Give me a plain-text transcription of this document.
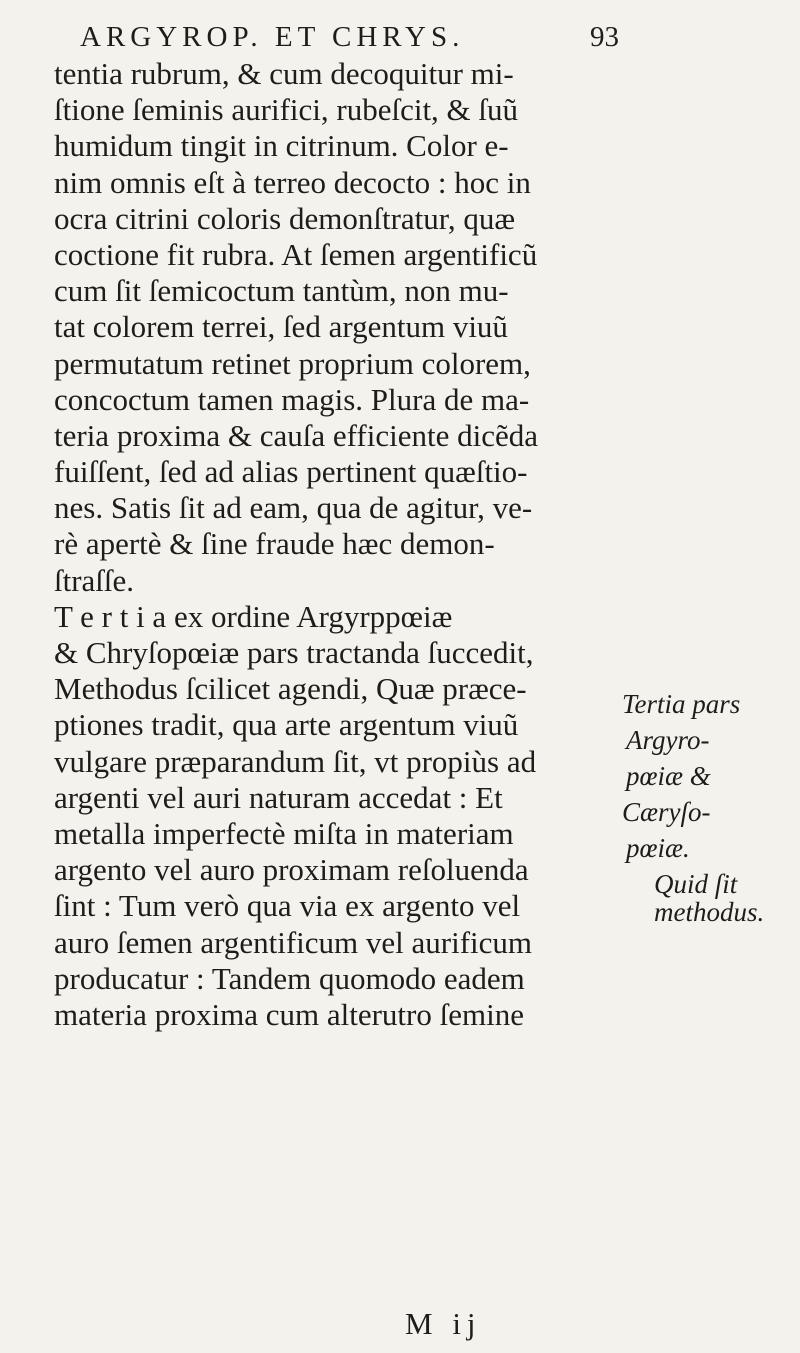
ARGYROP. ET CHRYS.	93
tentia rubrum, & cum decoquitur mi-
ſtione ſeminis aurifici, rubeſcit, & ſuũ
humidum tingit in citrinum. Color e-
nim omnis eſt à terreo decocto : hoc in
ocra citrini coloris demonſtratur, quæ
coctione fit rubra. At ſemen argentificũ
cum ſit ſemicoctum tantùm, non mu-
tat colorem terrei, ſed argentum viuũ
permutatum retinet proprium colorem,
concoctum tamen magis. Plura de ma-
teria proxima & cauſa efficiente dicẽda
fuiſſent, ſed ad alias pertinent quæſtio-
nes. Satis ſit ad eam, qua de agitur, ve-
rè apertè & ſine fraude hæc demon-
ſtraſſe.
T e r t i a ex ordine Argyrppœiæ
& Chryſopœiæ pars tractanda ſuccedit,
Methodus ſcilicet agendi, Quæ præce-
ptiones tradit, qua arte argentum viuũ
vulgare præparandum ſit, vt propiùs ad
argenti vel auri naturam accedat : Et
metalla imperfectè miſta in materiam
argento vel auro proximam reſoluenda
ſint : Tum verò qua via ex argento vel
auro ſemen argentificum vel aurificum
producatur : Tandem quomodo eadem
materia proxima cum alterutro ſemine
Tertia pars
Argyro-
pœiæ &
Cæryſo-
pœiæ.
Quid ſit
methodus.
M ij
